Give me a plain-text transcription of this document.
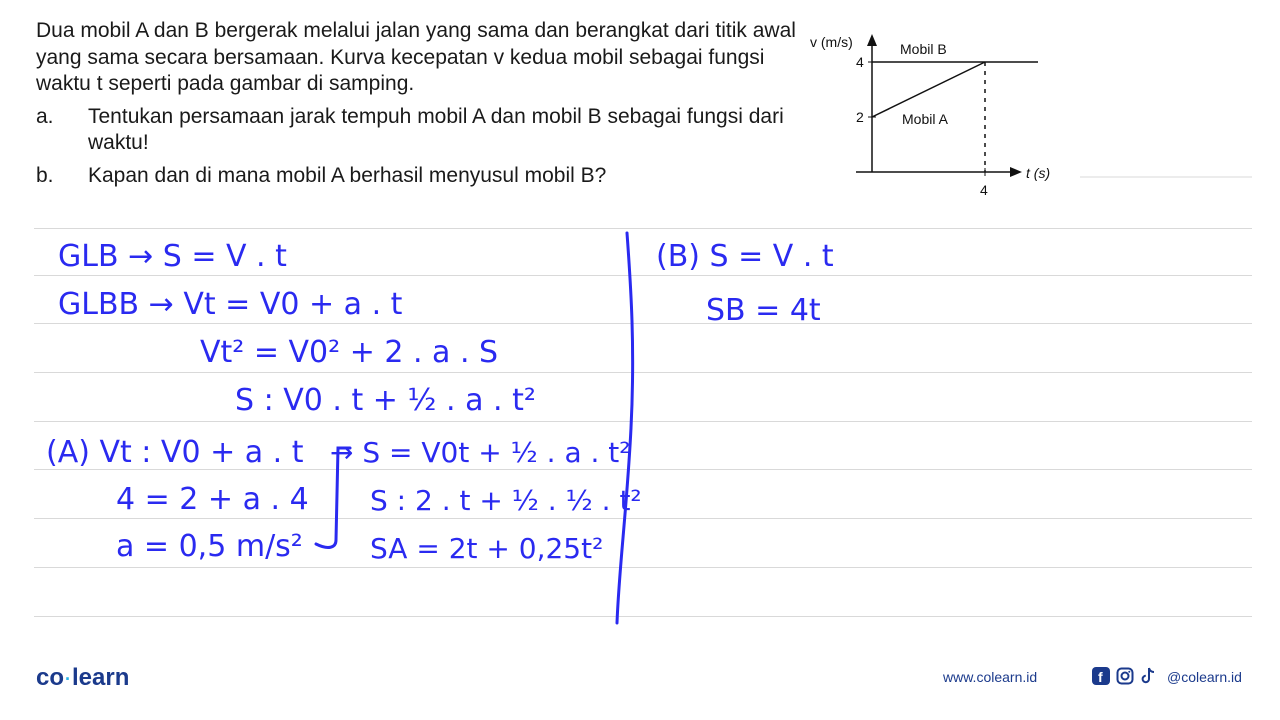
Dua mobil A dan B bergerak melalui jalan yang sama dan berangkat dari titik awal yang sama secara bersamaan. Kurva kecepatan v kedua mobil sebagai fungsi waktu t seperti pada gambar di samping.

a.	Tentukan persamaan jarak tempuh mobil A dan mobil B sebagai fungsi dari waktu!
b.	Kapan dan di mana mobil A berhasil menyusul mobil B?
v (m/s)
4
2
4
t (s)
Mobil B
Mobil A
GLB → S = V . t
GLBB → Vt = V0 + a . t
Vt² = V0² + 2 . a . S
S : V0 . t + ½ . a . t²
(A) Vt : V0 + a . t
4 = 2 + a . 4
a = 0,5 m/s²
→ S = V0t + ½ . a . t²
S : 2 . t + ½ . ½ . t²
SA = 2t + 0,25t²
(B) S = V . t
SB = 4t
co·learn	www.colearn.id	f	@colearn.id
